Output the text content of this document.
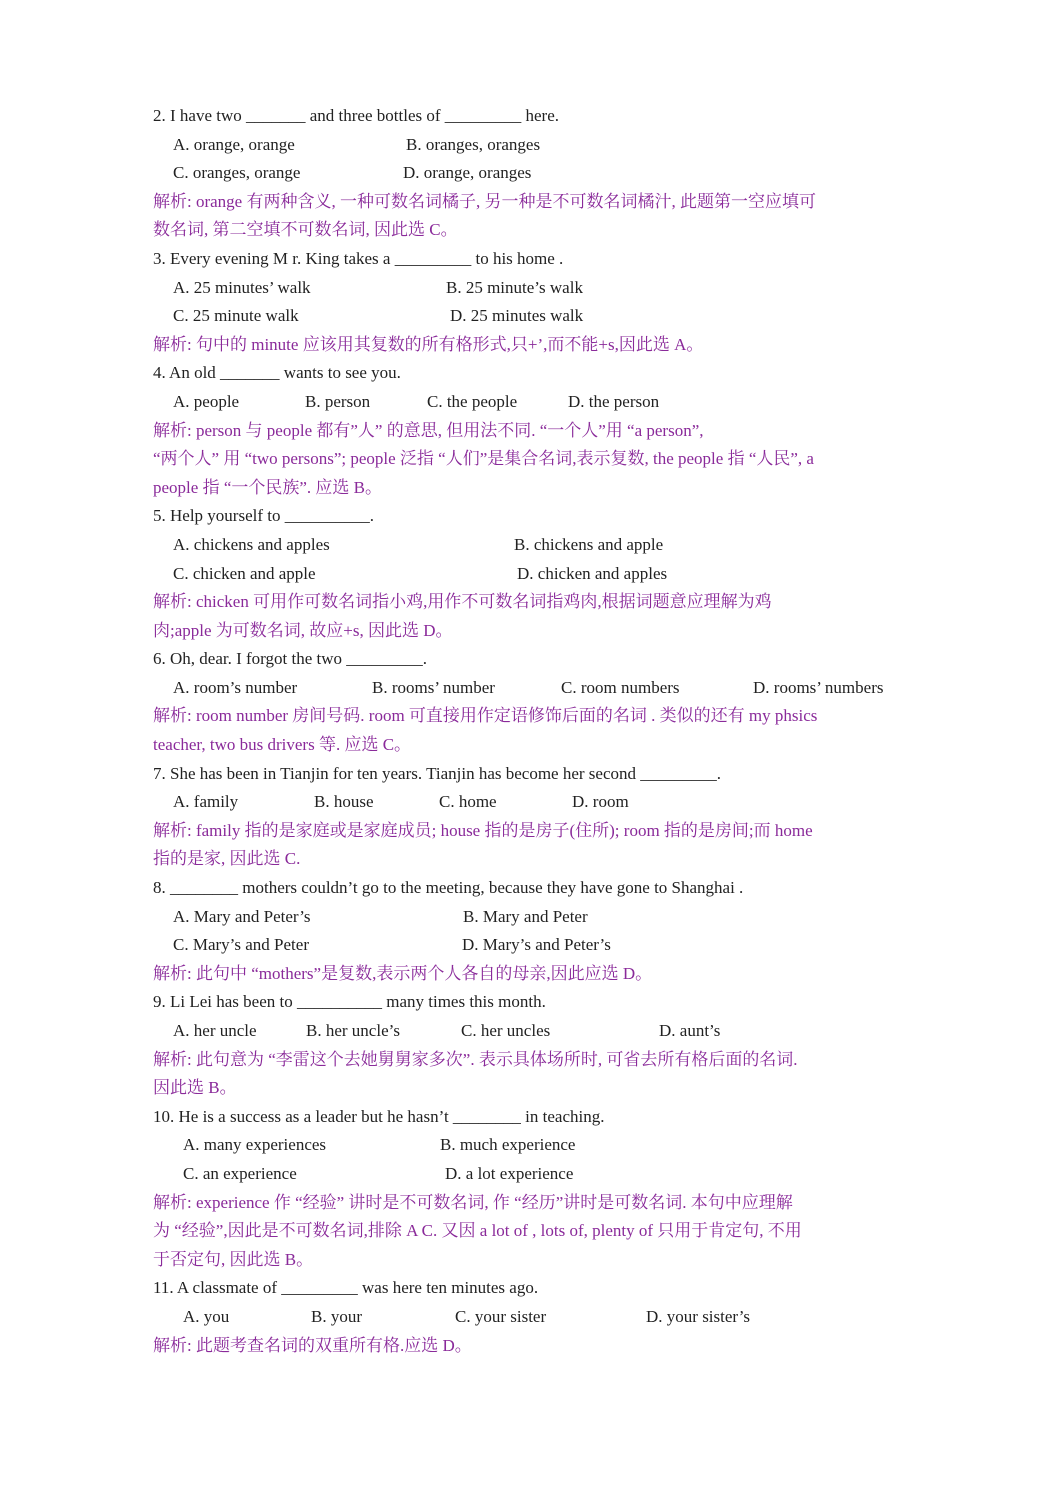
2. I have two _______ and three bottles of _________ here.
A. orange, orange	B. oranges, oranges
C. oranges, orange	D. orange, oranges
解析: orange 有两种含义, 一种可数名词橘子, 另一种是不可数名词橘汁, 此题第一空应填可
数名词, 第二空填不可数名词, 因此选 C。
3. Every evening M r. King takes a _________ to his home .
A. 25 minutes’ walk	B. 25 minute’s walk
C. 25 minute walk	D. 25 minutes walk
解析: 句中的 minute 应该用其复数的所有格形式,只+’,而不能+s,因此选 A。
4. An old _______ wants to see you.
A. people	B. person	C. the people	D. the person
解析: person 与 people 都有”人” 的意思, 但用法不同. “一个人”用 “a person”,
“两个人” 用 “two persons”; people 泛指 “人们”是集合名词,表示复数, the people 指 “人民”, a
people 指 “一个民族”. 应选 B。
5. Help yourself to __________.
A. chickens and apples	B. chickens and apple
C. chicken and apple	D. chicken and apples
解析: chicken 可用作可数名词指小鸡,用作不可数名词指鸡肉,根据词题意应理解为鸡
肉;apple 为可数名词, 故应+s, 因此选 D。
6. Oh, dear. I forgot the two _________.
A. room’s number	B. rooms’ number	C. room numbers	D. rooms’ numbers
解析: room number 房间号码. room 可直接用作定语修饰后面的名词 . 类似的还有 my phsics
teacher, two bus drivers 等. 应选 C。
7. She has been in Tianjin for ten years. Tianjin has become her second _________.
A. family	B. house	C. home	D. room
解析: family 指的是家庭或是家庭成员; house 指的是房子(住所); room 指的是房间;而 home
指的是家, 因此选 C.
8. ________ mothers couldn’t go to the meeting, because they have gone to Shanghai .
A. Mary and Peter’s	B. Mary and Peter
C. Mary’s and Peter	D. Mary’s and Peter’s
解析: 此句中 “mothers”是复数,表示两个人各自的母亲,因此应选 D。
9. Li Lei has been to __________ many times this month.
A. her uncle	B. her uncle’s	C. her uncles	D. aunt’s
解析: 此句意为 “李雷这个去她舅舅家多次”. 表示具体场所时, 可省去所有格后面的名词.
因此选 B。
10. He is a success as a leader but he hasn’t ________ in teaching.
A. many experiences	B. much experience
C. an experience	D. a lot experience
解析: experience 作 “经验” 讲时是不可数名词, 作 “经历”讲时是可数名词. 本句中应理解
为 “经验”,因此是不可数名词,排除 A C. 又因 a lot of , lots of, plenty of 只用于肯定句, 不用
于否定句, 因此选 B。
11. A classmate of _________ was here ten minutes ago.
A. you	B. your	C. your sister	D. your sister’s
解析: 此题考查名词的双重所有格.应选 D。
